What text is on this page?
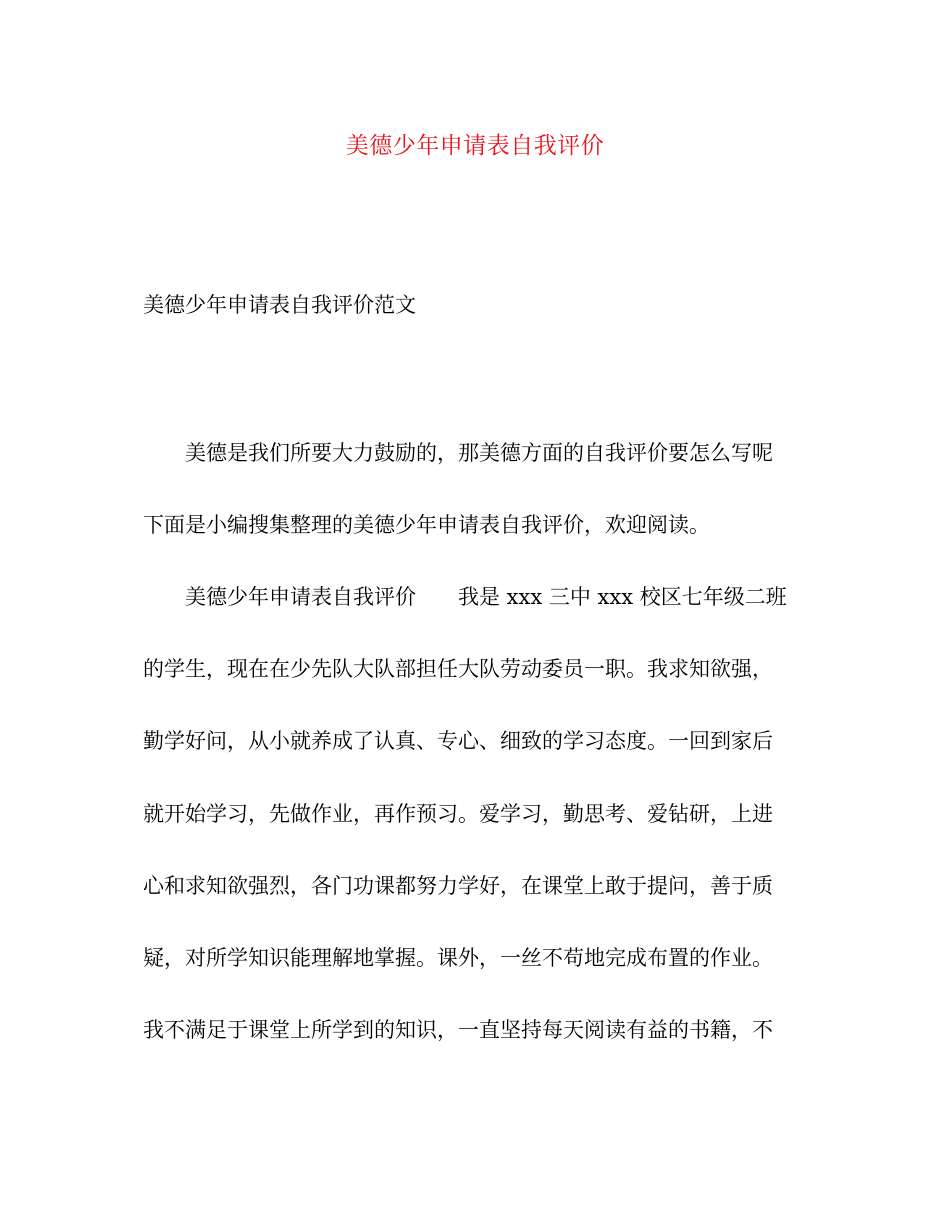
美德少年申请表自我评价
美德少年申请表自我评价范文
美德是我们所要大力鼓励的，那美德方面的自我评价要怎么写呢
下面是小编搜集整理的美德少年申请表自我评价，欢迎阅读。
美德少年申请表自我评价 我是 xxx 三中 xxx 校区七年级二班
的学生，现在在少先队大队部担任大队劳动委员一职。我求知欲强，
勤学好问，从小就养成了认真、专心、细致的学习态度。一回到家后
就开始学习，先做作业，再作预习。爱学习，勤思考、爱钻研，上进
心和求知欲强烈，各门功课都努力学好，在课堂上敢于提问，善于质
疑，对所学知识能理解地掌握。课外，一丝不苟地完成布置的作业。
我不满足于课堂上所学到的知识，一直坚持每天阅读有益的书籍，不
